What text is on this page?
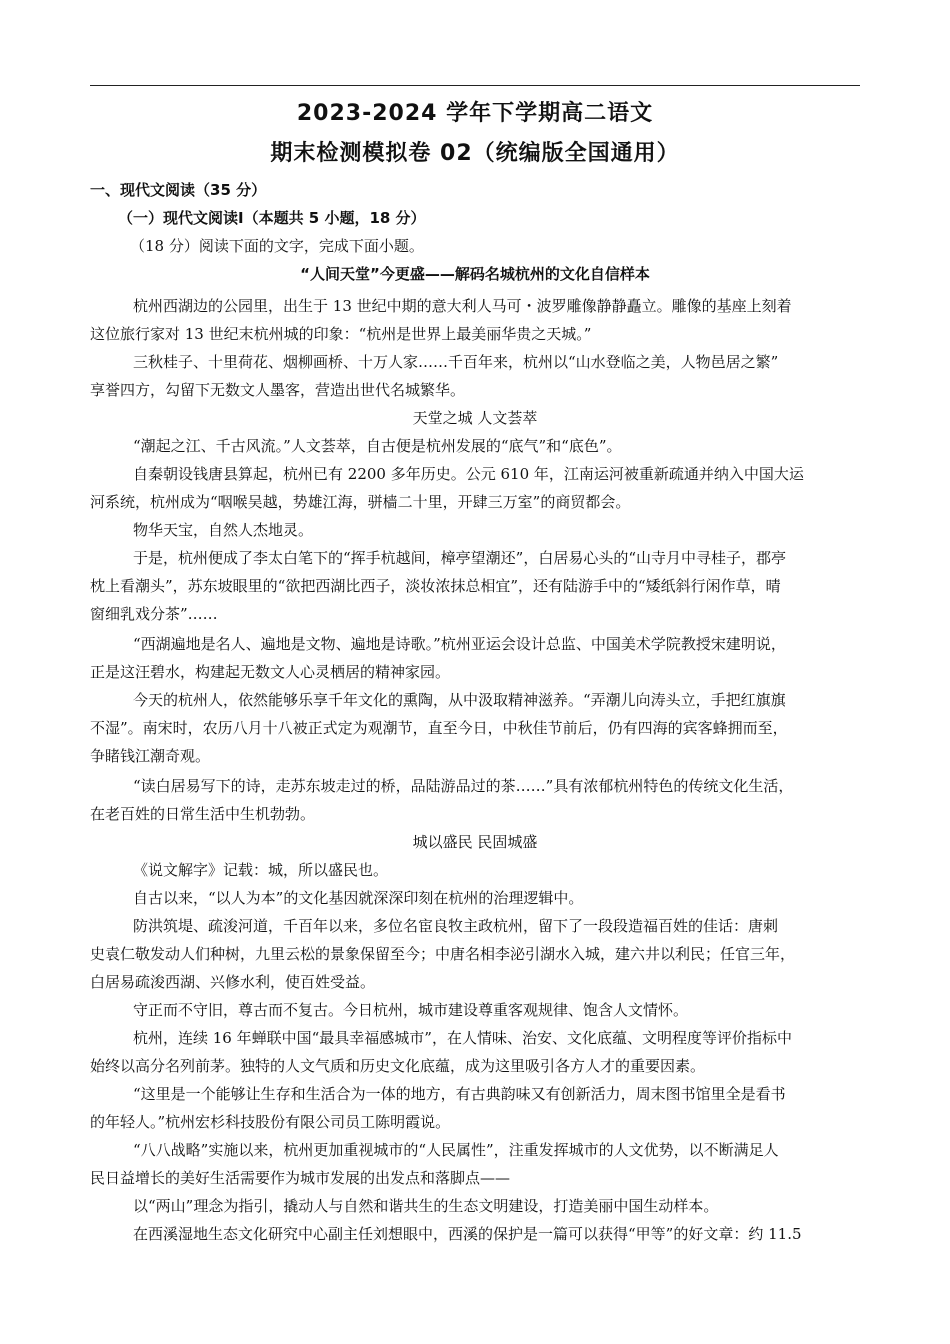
2023-2024 学年下学期高二语文
期末检测模拟卷 02（统编版全国通用）
一、现代文阅读（35 分）
（一）现代文阅读Ⅰ（本题共 5 小题，18 分）
（18 分）阅读下面的文字，完成下面小题。
“人间天堂”今更盛——解码名城杭州的文化自信样本
杭州西湖边的公园里，出生于 13 世纪中期的意大利人马可・波罗雕像静静矗立。雕像的基座上刻着
这位旅行家对 13 世纪末杭州城的印象：“杭州是世界上最美丽华贵之天城。”
三秋桂子、十里荷花、烟柳画桥、十万人家……千百年来，杭州以“山水登临之美，人物邑居之繁”
享誉四方，勾留下无数文人墨客，营造出世代名城繁华。
天堂之城 人文荟萃
“潮起之江、千古风流。”人文荟萃，自古便是杭州发展的“底气”和“底色”。
自秦朝设钱唐县算起，杭州已有 2200 多年历史。公元 610 年，江南运河被重新疏通并纳入中国大运
河系统，杭州成为“咽喉吴越，势雄江海，骈樯二十里，开肆三万室”的商贸都会。
物华天宝，自然人杰地灵。
于是，杭州便成了李太白笔下的“挥手杭越间，樟亭望潮还”，白居易心头的“山寺月中寻桂子，郡亭
枕上看潮头”，苏东坡眼里的“欲把西湖比西子，淡妆浓抹总相宜”，还有陆游手中的“矮纸斜行闲作草，晴
窗细乳戏分茶”……
“西湖遍地是名人、遍地是文物、遍地是诗歌。”杭州亚运会设计总监、中国美术学院教授宋建明说，
正是这汪碧水，构建起无数文人心灵栖居的精神家园。
今天的杭州人，依然能够乐享千年文化的熏陶，从中汲取精神滋养。“弄潮儿向涛头立，手把红旗旗
不湿”。南宋时，农历八月十八被正式定为观潮节，直至今日，中秋佳节前后，仍有四海的宾客蜂拥而至，
争睹钱江潮奇观。
“读白居易写下的诗，走苏东坡走过的桥，品陆游品过的茶……”具有浓郁杭州特色的传统文化生活，
在老百姓的日常生活中生机勃勃。
城以盛民 民固城盛
《说文解字》记载：城，所以盛民也。
自古以来，“以人为本”的文化基因就深深印刻在杭州的治理逻辑中。
防洪筑堤、疏浚河道，千百年以来，多位名宦良牧主政杭州，留下了一段段造福百姓的佳话：唐刺
史袁仁敬发动人们种树，九里云松的景象保留至今；中唐名相李泌引湖水入城，建六井以利民；任官三年，
白居易疏浚西湖、兴修水利，使百姓受益。
守正而不守旧，尊古而不复古。今日杭州，城市建设尊重客观规律、饱含人文情怀。
杭州，连续 16 年蝉联中国“最具幸福感城市”，在人情味、治安、文化底蕴、文明程度等评价指标中
始终以高分名列前茅。独特的人文气质和历史文化底蕴，成为这里吸引各方人才的重要因素。
“这里是一个能够让生存和生活合为一体的地方，有古典韵味又有创新活力，周末图书馆里全是看书
的年轻人。”杭州宏杉科技股份有限公司员工陈明霞说。
“八八战略”实施以来，杭州更加重视城市的“人民属性”，注重发挥城市的人文优势，以不断满足人
民日益增长的美好生活需要作为城市发展的出发点和落脚点——
以“两山”理念为指引，撬动人与自然和谐共生的生态文明建设，打造美丽中国生动样本。
在西溪湿地生态文化研究中心副主任刘想眼中，西溪的保护是一篇可以获得“甲等”的好文章：约 11.5
